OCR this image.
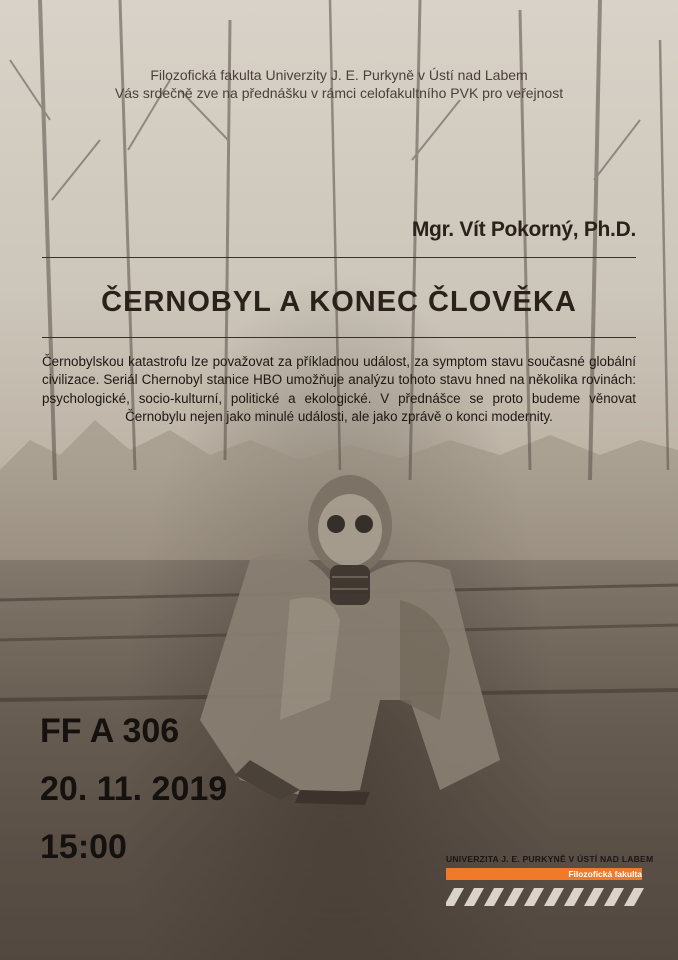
Filozofická fakulta Univerzity J. E. Purkyně v Ústí nad Labem
Vás srdečně zve na přednášku v rámci celofakultního PVK pro veřejnost
Mgr. Vít Pokorný, Ph.D.
ČERNOBYL A KONEC ČLOVĚKA
Černobylskou katastrofu lze považovat za příkladnou událost, za symptom stavu současné globální civilizace. Seriál Chernobyl stanice HBO umožňuje analýzu tohoto stavu hned na několika rovinách: psychologické, socio-kulturní, politické a ekologické. V přednášce se proto budeme věnovat Černobylu nejen jako minulé události, ale jako zprávě o konci modernity.
FF A 306
20. 11. 2019
15:00	UNIVERZITA J. E. PURKYNĚ V ÚSTÍ NAD LABEM
Filozofická fakulta
